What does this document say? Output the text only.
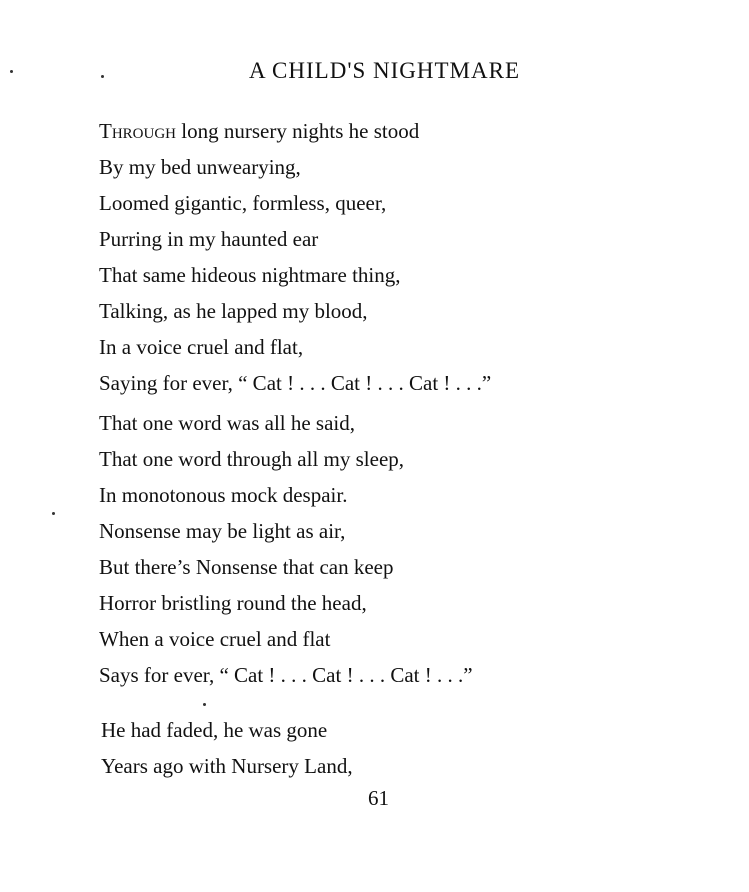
A CHILD'S NIGHTMARE
Through long nursery nights he stood
By my bed unwearying,
Loomed gigantic, formless, queer,
Purring in my haunted ear
That same hideous nightmare thing,
Talking, as he lapped my blood,
In a voice cruel and flat,
Saying for ever, “ Cat ! . . . Cat ! . . . Cat ! . . .”
That one word was all he said,
That one word through all my sleep,
In monotonous mock despair.
Nonsense may be light as air,
But there’s Nonsense that can keep
Horror bristling round the head,
When a voice cruel and flat
Says for ever, “ Cat ! . . . Cat ! . . . Cat ! . . .”
He had faded, he was gone
Years ago with Nursery Land,
61
